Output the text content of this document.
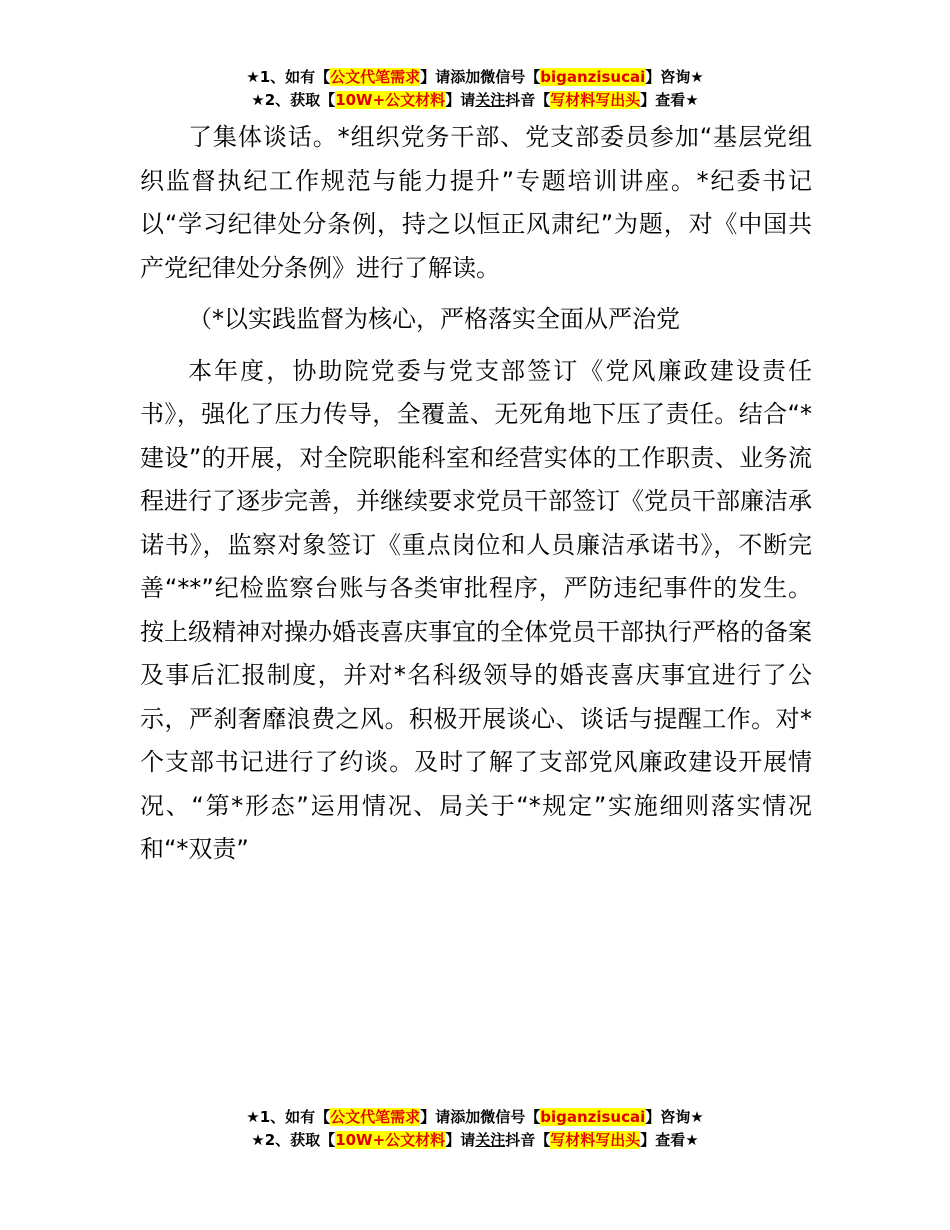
★1、如有【公文代笔需求】请添加微信号【biganzisucai】咨询★
★2、获取【10W+公文材料】请关注抖音【写材料写出头】查看★

了集体谈话。*组织党务干部、党支部委员参加“基层党组织监督执纪工作规范与能力提升”专题培训讲座。*纪委书记以“学习纪律处分条例，持之以恒正风肃纪”为题，对《中国共产党纪律处分条例》进行了解读。

（*以实践监督为核心，严格落实全面从严治党

本年度，协助院党委与党支部签订《党风廉政建设责任书》，强化了压力传导，全覆盖、无死角地下压了责任。结合“*建设”的开展，对全院职能科室和经营实体的工作职责、业务流程进行了逐步完善，并继续要求党员干部签订《党员干部廉洁承诺书》，监察对象签订《重点岗位和人员廉洁承诺书》，不断完善“**”纪检监察台账与各类审批程序，严防违纪事件的发生。按上级精神对操办婚丧喜庆事宜的全体党员干部执行严格的备案及事后汇报制度，并对*名科级领导的婚丧喜庆事宜进行了公示，严刹奢靡浪费之风。积极开展谈心、谈话与提醒工作。对*个支部书记进行了约谈。及时了解了支部党风廉政建设开展情况、“第*形态”运用情况、局关于“*规定”实施细则落实情况和“*双责”

★1、如有【公文代笔需求】请添加微信号【biganzisucai】咨询★
★2、获取【10W+公文材料】请关注抖音【写材料写出头】查看★
